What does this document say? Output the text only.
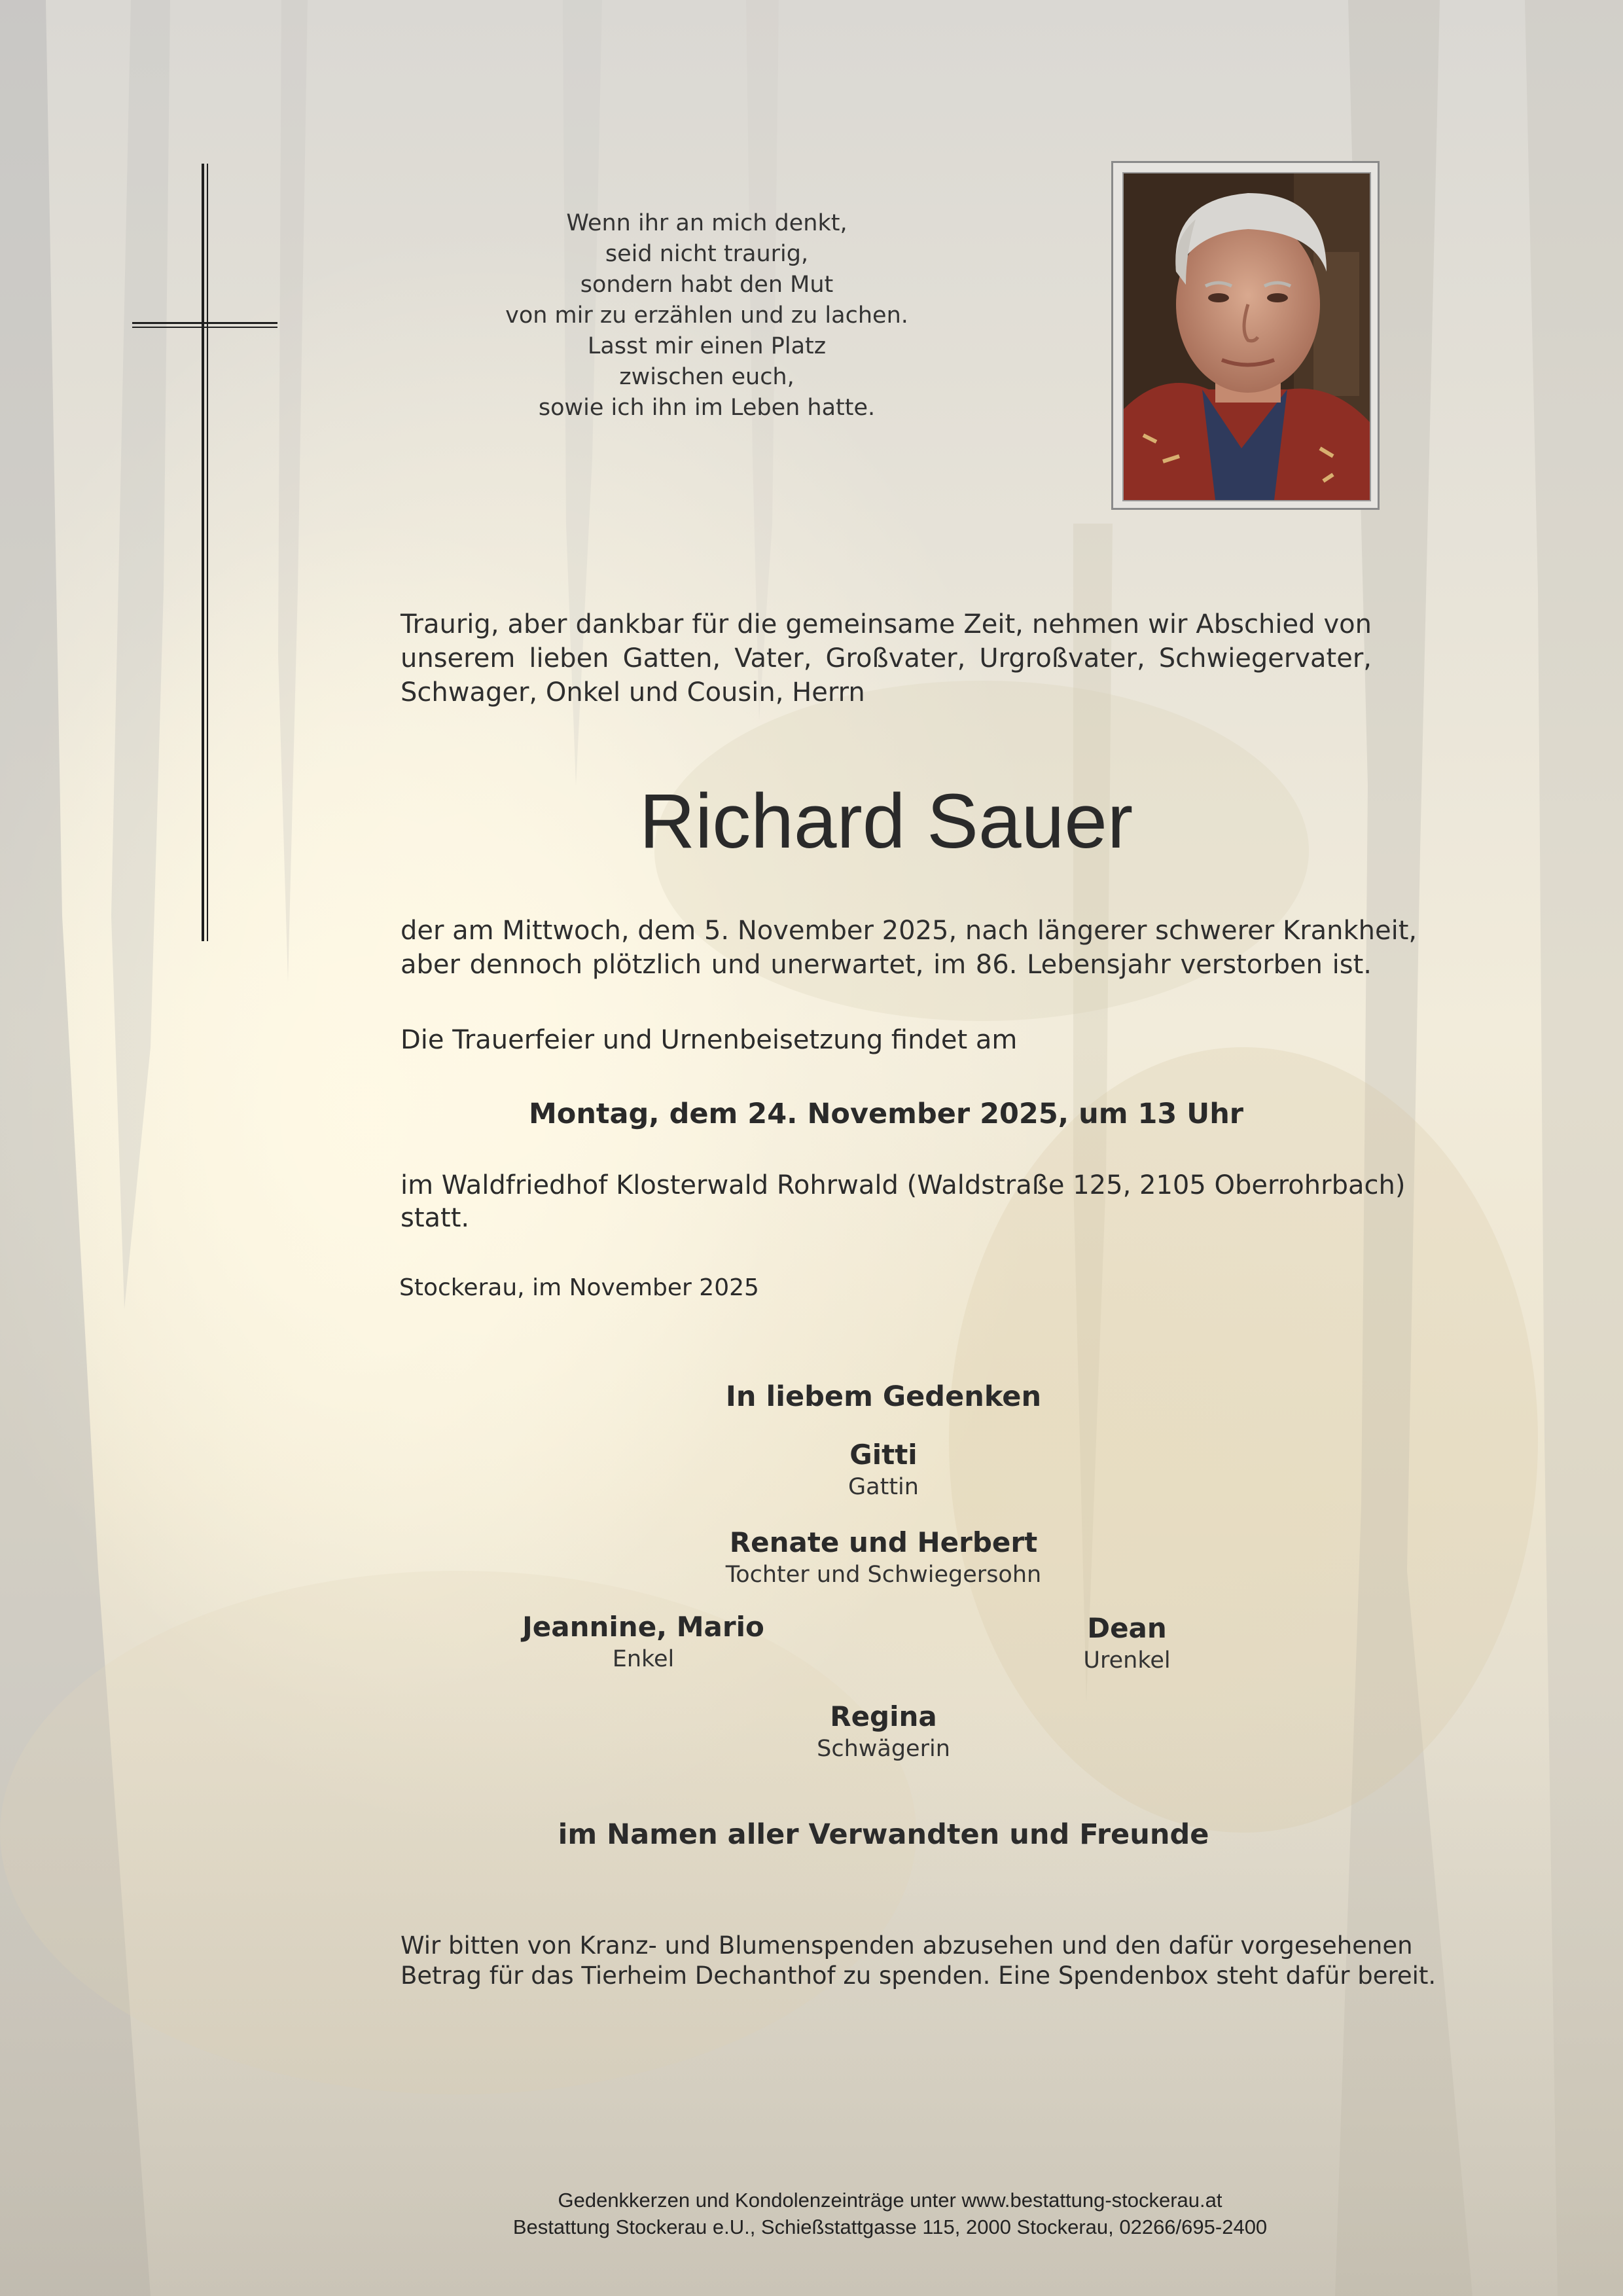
Wenn ihr an mich denkt,
seid nicht traurig,
sondern habt den Mut
von mir zu erzählen und zu lachen.
Lasst mir einen Platz
zwischen euch,
sowie ich ihn im Leben hatte.
Traurig, aber dankbar für die gemeinsame Zeit, nehmen wir Abschied von
unserem lieben Gatten, Vater, Großvater, Urgroßvater, Schwiegervater,
Schwager, Onkel und Cousin, Herrn
Richard Sauer
der am Mittwoch, dem 5. November 2025, nach längerer schwerer Krankheit,
aber dennoch plötzlich und unerwartet, im 86. Lebensjahr verstorben ist.
Die Trauerfeier und Urnenbeisetzung findet am
Montag, dem 24. November 2025, um 13 Uhr
im Waldfriedhof Klosterwald Rohrwald (Waldstraße 125, 2105 Oberrohrbach)
statt.
Stockerau, im November 2025
In liebem Gedenken
Gitti
Gattin
Renate und Herbert
Tochter und Schwiegersohn
Jeannine, Mario
Enkel
Dean
Urenkel
Regina
Schwägerin
im Namen aller Verwandten und Freunde
Wir bitten von Kranz- und Blumenspenden abzusehen und den dafür vorgesehenen
Betrag für das Tierheim Dechanthof zu spenden. Eine Spendenbox steht dafür bereit.
Gedenkkerzen und Kondolenzeinträge unter www.bestattung-stockerau.at
Bestattung Stockerau e.U., Schießstattgasse 115, 2000 Stockerau, 02266/695-2400
